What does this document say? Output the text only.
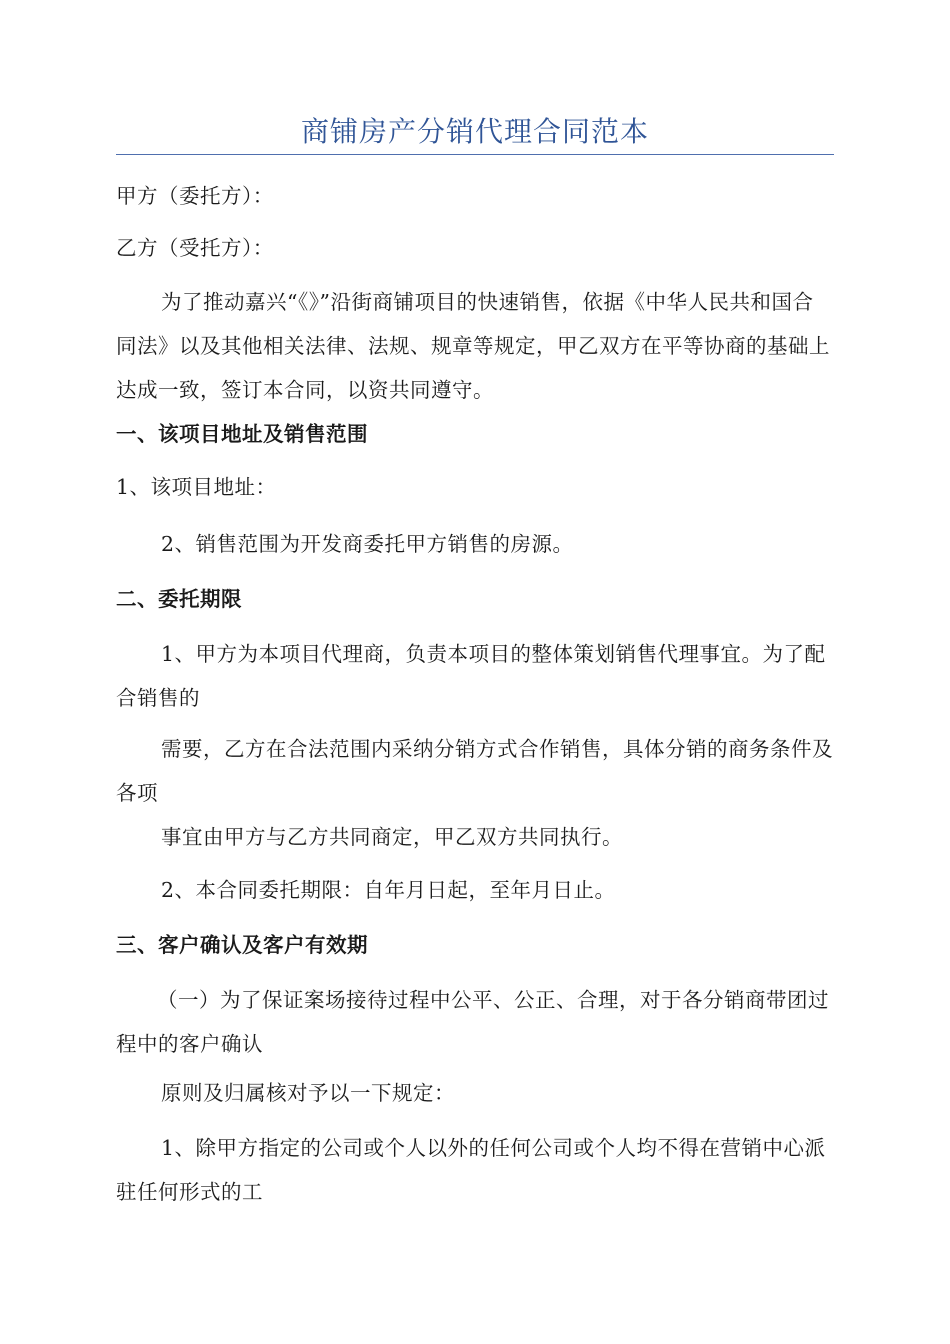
商铺房产分销代理合同范本

甲方（委托方）：

乙方（受托方）：

为了推动嘉兴“《》”沿街商铺项目的快速销售，依据《中华人民共和国合同法》以及其他相关法律、法规、规章等规定，甲乙双方在平等协商的基础上达成一致，签订本合同，以资共同遵守。

一、该项目地址及销售范围

1、该项目地址：

2、销售范围为开发商委托甲方销售的房源。

二、委托期限

1、甲方为本项目代理商，负责本项目的整体策划销售代理事宜。为了配合销售的

需要，乙方在合法范围内采纳分销方式合作销售，具体分销的商务条件及各项

事宜由甲方与乙方共同商定，甲乙双方共同执行。

2、本合同委托期限：自年月日起，至年月日止。

三、客户确认及客户有效期

（一）为了保证案场接待过程中公平、公正、合理，对于各分销商带团过程中的客户确认

原则及归属核对予以一下规定：

1、除甲方指定的公司或个人以外的任何公司或个人均不得在营销中心派驻任何形式的工
